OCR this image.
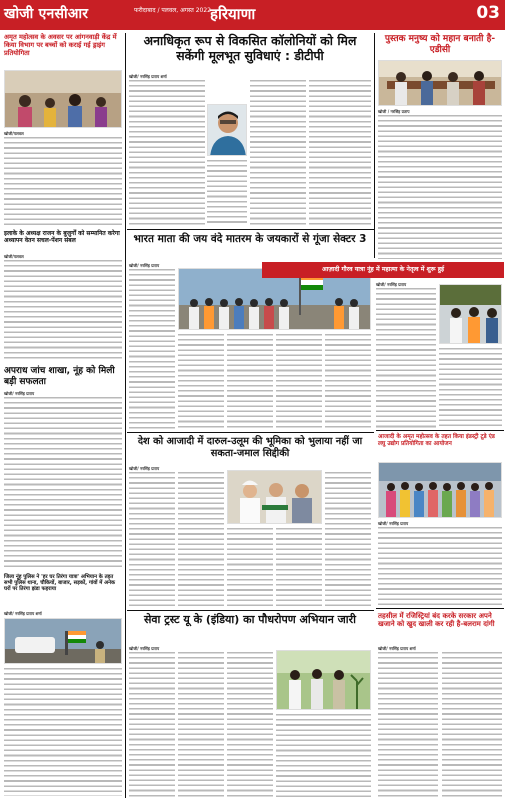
खोजी एनसीआर	फरीदाबाद / पलवल, अगस्त 2022 हरियाणा	03
अमृत महोत्सव के अवसर पर आंगनवाड़ी केंद्र में किया विभाग पर बच्चों को कराई गई ड्राइंग प्रतियोगिता
खोजी/पलवल
इलाके के अध्यक्ष राजन के बुजुर्गों को सम्मानित करेगा अध्यापन वेतन सचल-पेंशन संबल
खोजी/पलवल
अपराध जांच शाखा, नूंह को मिली बड़ी सफलता
खोजी/ नरसिंह प्रताप
जिला नूंह पुलिस ने 'हर घर तिरंगा यात्रा' अभियान के तहत सभी पुलिस थाना, चौकियों, बाजार, सड़कों, गांवों में अनेक घरों पर तिरंगा झंडा फहराया
खोजी/ नरसिंह प्रताप शर्मा
अनाधिकृत रूप से विकसित कॉलोनियों को मिल सकेंगी मूलभूत सुविधाएं : डीटीपी
खोजी/ नरसिंह प्रताप शर्मा
पुस्तक मनुष्य को महान बनाती है- एडीसी
खोजी / नरसिंह प्रताप
भारत माता की जय वंदे मातरम के जयकारों से गूंजा सेक्टर 3
खोजी/ नरसिंह प्रताप
आज़ादी गौरव यात्रा नूंह में महात्मा के नेतृत्व में शुरू हुई
खोजी/ नरसिंह प्रताप
देश को आजादी में दारुल-उलूम की भूमिका को भुलाया नहीं जा सकता-जमाल सिद्दीकी
खोजी/ नरसिंह प्रताप
आजादी के अमृत महोत्सव के तहत किया इंडस्ट्री टूडे एंड लघु उद्योग प्रतियोगिता का आयोजन
खोजी/ नरसिंह प्रताप
सेवा ट्रस्ट यू के (इंडिया) का पौधरोपण अभियान जारी
खोजी/ नरसिंह प्रताप
तहसील में रजिस्ट्रियां बंद करके सरकार अपने खजाने को खुद खाली कर रही है-बलराम दांगी
खोजी/ नरसिंह प्रताप शर्मा
